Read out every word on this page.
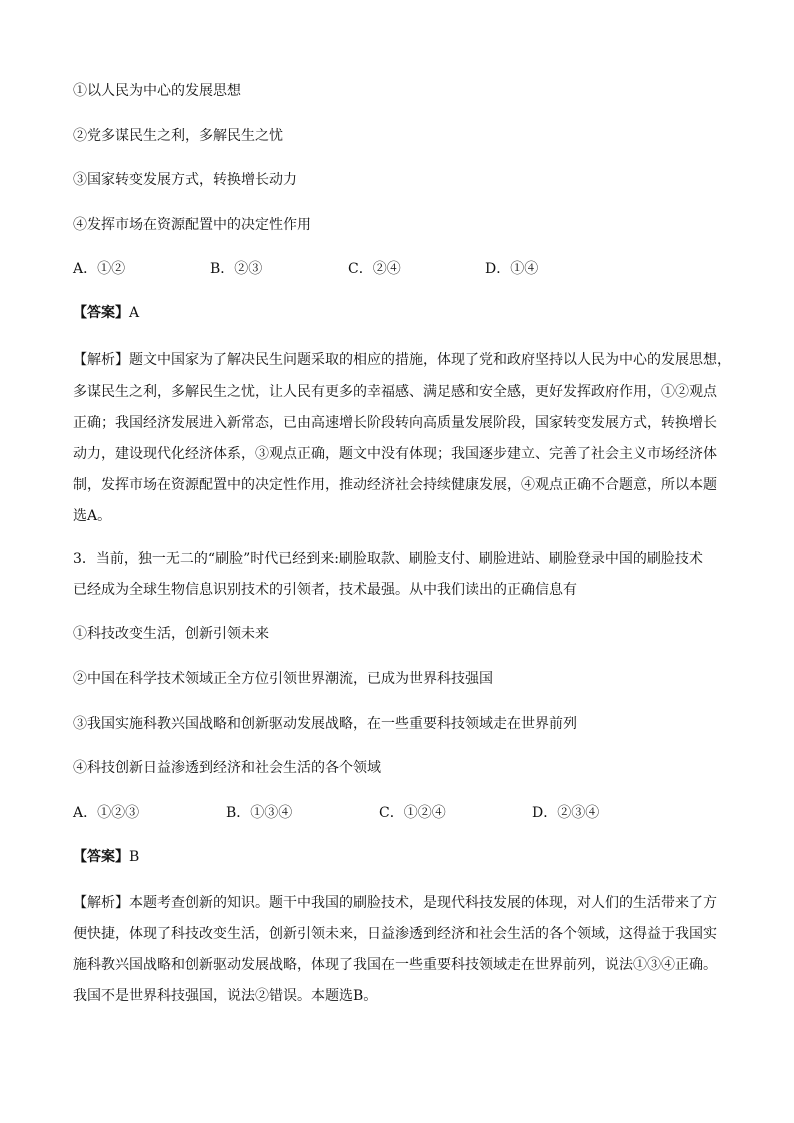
①以人民为中心的发展思想
②党多谋民生之利，多解民生之忧
③国家转变发展方式，转换增长动力
④发挥市场在资源配置中的决定性作用
A．①②	B．②③	C．②④	D．①④
【答案】A
【解析】题文中国家为了解决民生问题采取的相应的措施，体现了党和政府坚持以人民为中心的发展思想，
多谋民生之利，多解民生之忧，让人民有更多的幸福感、满足感和安全感，更好发挥政府作用，①②观点
正确；我国经济发展进入新常态，已由高速增长阶段转向高质量发展阶段，国家转变发展方式，转换增长
动力，建设现代化经济体系，③观点正确，题文中没有体现；我国逐步建立、完善了社会主义市场经济体
制，发挥市场在资源配置中的决定性作用，推动经济社会持续健康发展，④观点正确不合题意，所以本题
选A。
3．当前，独一无二的“刷脸”时代已经到来:刷脸取款、刷脸支付、刷脸进站、刷脸登录中国的刷脸技术
已经成为全球生物信息识别技术的引领者，技术最强。从中我们读出的正确信息有
①科技改变生活，创新引领未来
②中国在科学技术领域正全方位引领世界潮流，已成为世界科技强国
③我国实施科教兴国战略和创新驱动发展战略，在一些重要科技领域走在世界前列
④科技创新日益渗透到经济和社会生活的各个领域
A．①②③	B．①③④	C．①②④	D．②③④
【答案】B
【解析】本题考查创新的知识。题干中我国的刷脸技术，是现代科技发展的体现，对人们的生活带来了方
便快捷，体现了科技改变生活，创新引领未来，日益渗透到经济和社会生活的各个领域，这得益于我国实
施科教兴国战略和创新驱动发展战略，体现了我国在一些重要科技领域走在世界前列，说法①③④正确。
我国不是世界科技强国，说法②错误。本题选B。
